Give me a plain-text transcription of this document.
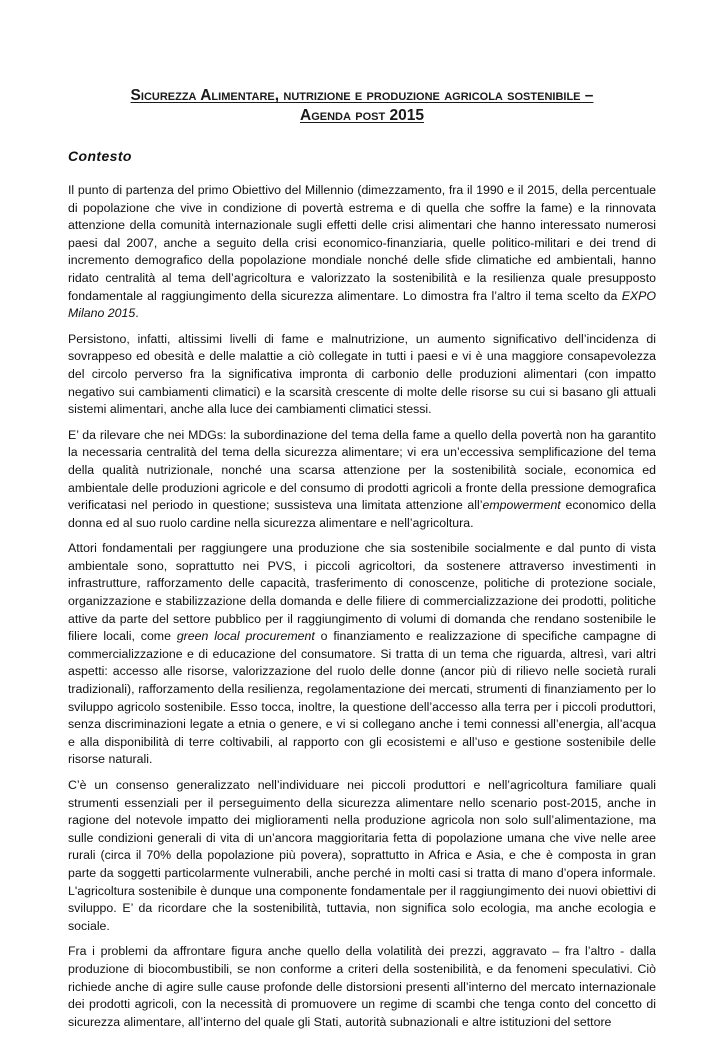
Sicurezza Alimentare, nutrizione e produzione agricola sostenibile –
Agenda post 2015
Contesto

Il punto di partenza del primo Obiettivo del Millennio (dimezzamento, fra il 1990 e il 2015, della percentuale di popolazione che vive in condizione di povertà estrema e di quella che soffre la fame) e la rinnovata attenzione della comunità internazionale sugli effetti delle crisi alimentari che hanno interessato numerosi paesi dal 2007, anche a seguito della crisi economico-finanziaria, quelle politico-militari e dei trend di incremento demografico della popolazione mondiale nonché delle sfide climatiche ed ambientali, hanno ridato centralità al tema dell’agricoltura e valorizzato la sostenibilità e la resilienza quale presupposto fondamentale al raggiungimento della sicurezza alimentare. Lo dimostra fra l’altro il tema scelto da EXPO Milano 2015.

Persistono, infatti, altissimi livelli di fame e malnutrizione, un aumento significativo dell’incidenza di sovrappeso ed obesità e delle malattie a ciò collegate in tutti i paesi e vi è una maggiore consapevolezza del circolo perverso fra la significativa impronta di carbonio delle produzioni alimentari (con impatto negativo sui cambiamenti climatici) e la scarsità crescente di molte delle risorse su cui si basano gli attuali sistemi alimentari, anche alla luce dei cambiamenti climatici stessi.

E’ da rilevare che nei MDGs: la subordinazione del tema della fame a quello della povertà non ha garantito la necessaria centralità del tema della sicurezza alimentare; vi era un’eccessiva semplificazione del tema della qualità nutrizionale, nonché una scarsa attenzione per la sostenibilità sociale, economica ed ambientale delle produzioni agricole e del consumo di prodotti agricoli a fronte della pressione demografica verificatasi nel periodo in questione; sussisteva una limitata attenzione all’empowerment economico della donna ed al suo ruolo cardine nella sicurezza alimentare e nell’agricoltura.

Attori fondamentali per raggiungere una produzione che sia sostenibile socialmente e dal punto di vista ambientale sono, soprattutto nei PVS, i piccoli agricoltori, da sostenere attraverso investimenti in infrastrutture, rafforzamento delle capacità, trasferimento di conoscenze, politiche di protezione sociale, organizzazione e stabilizzazione della domanda e delle filiere di commercializzazione dei prodotti, politiche attive da parte del settore pubblico per il raggiungimento di volumi di domanda che rendano sostenibile le filiere locali, come green local procurement o finanziamento e realizzazione di specifiche campagne di commercializzazione e di educazione del consumatore. Si tratta di un tema che riguarda, altresì, vari altri aspetti: accesso alle risorse, valorizzazione del ruolo delle donne (ancor più di rilievo nelle società rurali tradizionali), rafforzamento della resilienza, regolamentazione dei mercati, strumenti di finanziamento per lo sviluppo agricolo sostenibile. Esso tocca, inoltre, la questione dell’accesso alla terra per i piccoli produttori, senza discriminazioni legate a etnia o genere, e vi si collegano anche i temi connessi all’energia, all’acqua e alla disponibilità di terre coltivabili, al rapporto con gli ecosistemi e all’uso e gestione sostenibile delle risorse naturali.

C’è un consenso generalizzato nell’individuare nei piccoli produttori e nell’agricoltura familiare quali strumenti essenziali per il perseguimento della sicurezza alimentare nello scenario post-2015, anche in ragione del notevole impatto dei miglioramenti nella produzione agricola non solo sull’alimentazione, ma sulle condizioni generali di vita di un’ancora maggioritaria fetta di popolazione umana che vive nelle aree rurali (circa il 70% della popolazione più povera), soprattutto in Africa e Asia, e che è composta in gran parte da soggetti particolarmente vulnerabili, anche perché in molti casi si tratta di mano d’opera informale. L'agricoltura sostenibile è dunque una componente fondamentale per il raggiungimento dei nuovi obiettivi di sviluppo. E’ da ricordare che la sostenibilità, tuttavia, non significa solo ecologia, ma anche ecologia e sociale.

Fra i problemi da affrontare figura anche quello della volatilità dei prezzi, aggravato – fra l’altro - dalla produzione di biocombustibili, se non conforme a criteri della sostenibilità, e da fenomeni speculativi. Ciò richiede anche di agire sulle cause profonde delle distorsioni presenti all’interno del mercato internazionale dei prodotti agricoli, con la necessità di promuovere un regime di scambi che tenga conto del concetto di sicurezza alimentare, all’interno del quale gli Stati, autorità subnazionali e altre istituzioni del settore
